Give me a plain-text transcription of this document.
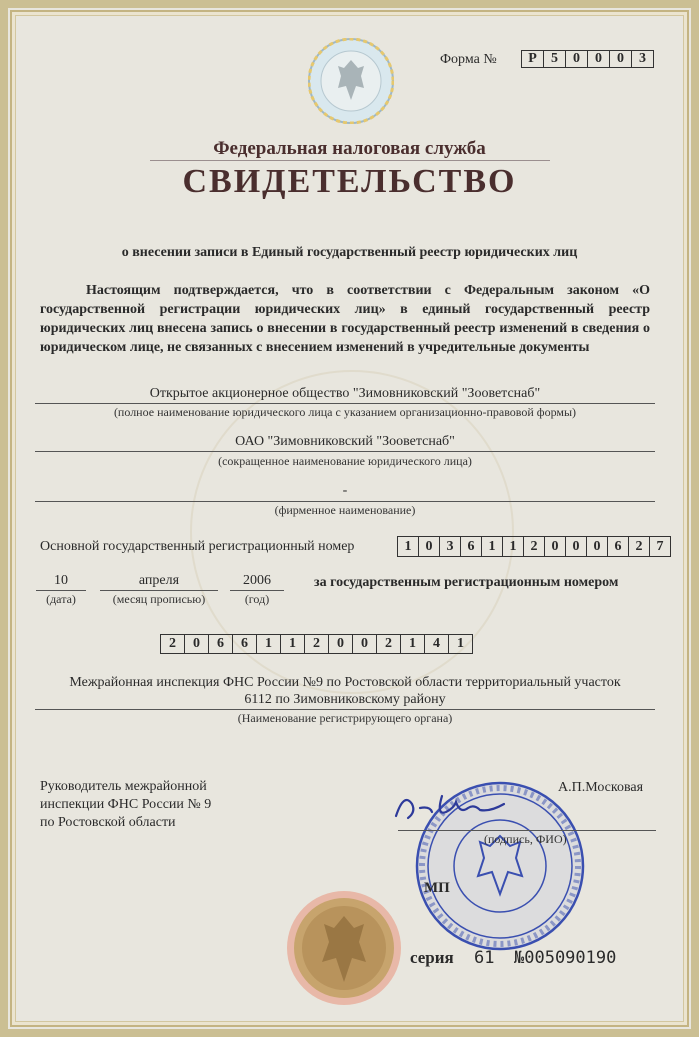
Форма №	Р	5	0	0	0	3
Федеральная налоговая служба
СВИДЕТЕЛЬСТВО
о внесении записи в Единый государственный реестр юридических лиц
Настоящим подтверждается, что в соответствии с Федеральным законом «О государственной регистрации юридических лиц» в единый государственный реестр юридических лиц внесена запись о внесении в государственный реестр изменений в сведения о юридическом лице, не связанных с внесением изменений в учредительные документы
Открытое акционерное общество "Зимовниковский "Зооветснаб"
(полное наименование юридического лица с указанием организационно-правовой формы)
ОАО "Зимовниковский "Зооветснаб"
(сокращенное наименование юридического лица)
-
(фирменное наименование)
Основной государственный регистрационный номер	1	0	3	6	1	1	2	0	0	0	6	2	7
10
(дата)
апреля
(месяц прописью)
2006
(год)
за государственным регистрационным номером
2	0	6	6	1	1	2	0	0	2	1	4	1
Межрайонная инспекция ФНС России №9 по Ростовской области территориальный участок
6112 по Зимовниковскому району
(Наименование регистрирующего органа)
Руководитель межрайонной
инспекции ФНС России № 9
по Ростовской области
А.П.Московая
(подпись, ФИО)
МП
серия 61 №005090190
